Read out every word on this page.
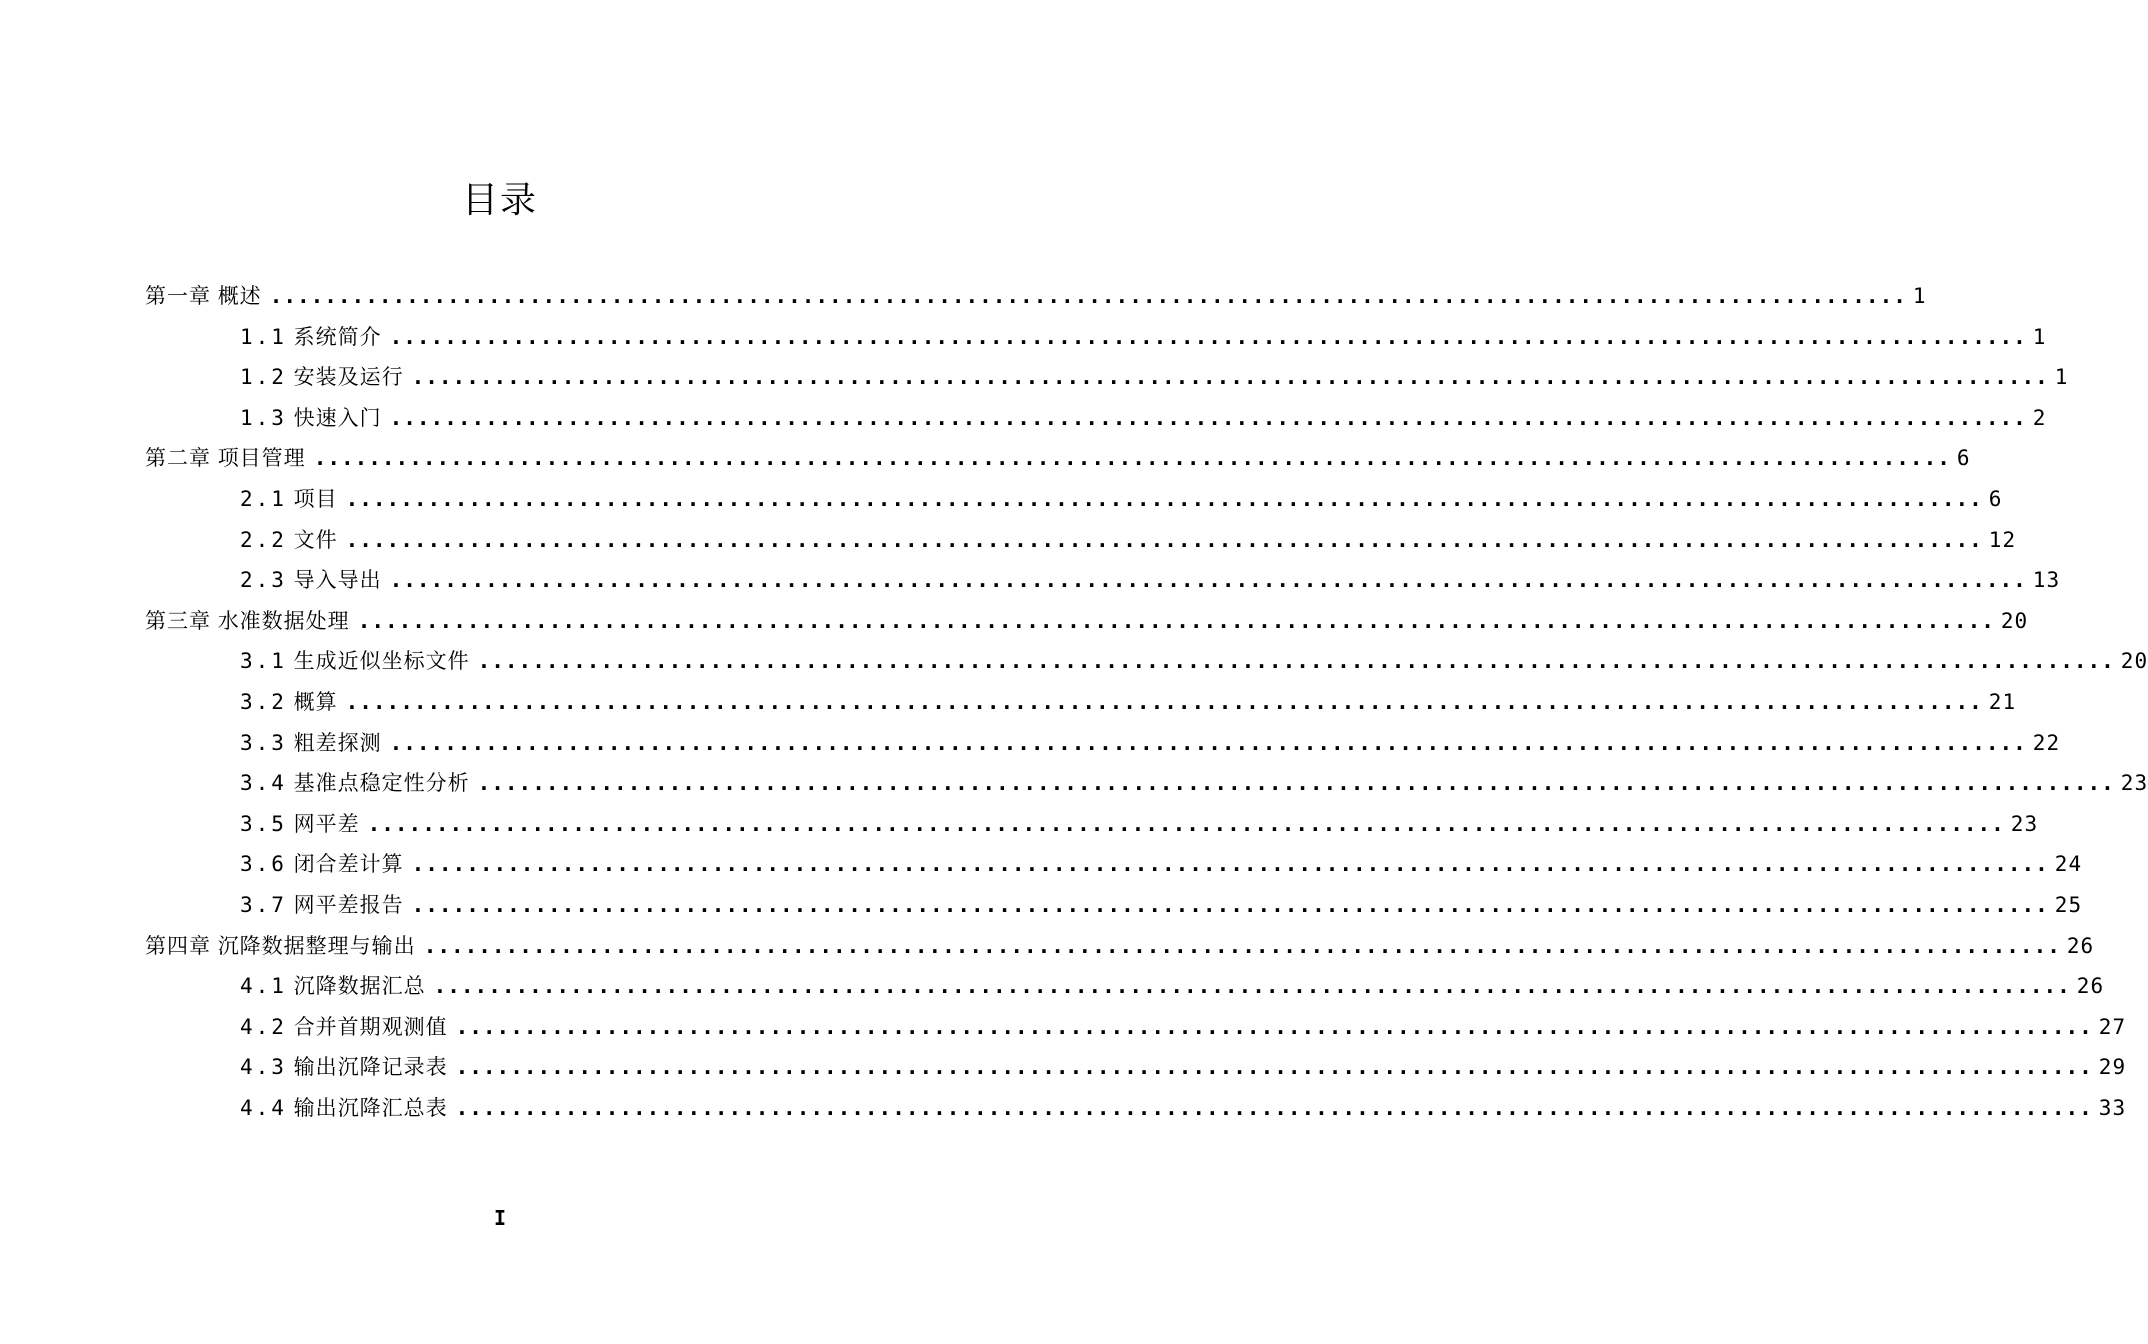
目录
第一章 概述 ........................................................................................................................ 1
1.1 系统简介 ........................................................................................................................ 1
1.2 安装及运行 ........................................................................................................................ 1
1.3 快速入门 ........................................................................................................................ 2
第二章 项目管理 ........................................................................................................................ 6
2.1 项目 ........................................................................................................................ 6
2.2 文件 ........................................................................................................................ 12
2.3 导入导出 ........................................................................................................................ 13
第三章 水准数据处理 ........................................................................................................................ 20
3.1 生成近似坐标文件 ........................................................................................................................ 20
3.2 概算 ........................................................................................................................ 21
3.3 粗差探测 ........................................................................................................................ 22
3.4 基准点稳定性分析 ........................................................................................................................ 23
3.5 网平差 ........................................................................................................................ 23
3.6 闭合差计算 ........................................................................................................................ 24
3.7 网平差报告 ........................................................................................................................ 25
第四章 沉降数据整理与输出 ........................................................................................................................ 26
4.1 沉降数据汇总 ........................................................................................................................ 26
4.2 合并首期观测值 ........................................................................................................................ 27
4.3 输出沉降记录表 ........................................................................................................................ 29
4.4 输出沉降汇总表 ........................................................................................................................ 33
I
